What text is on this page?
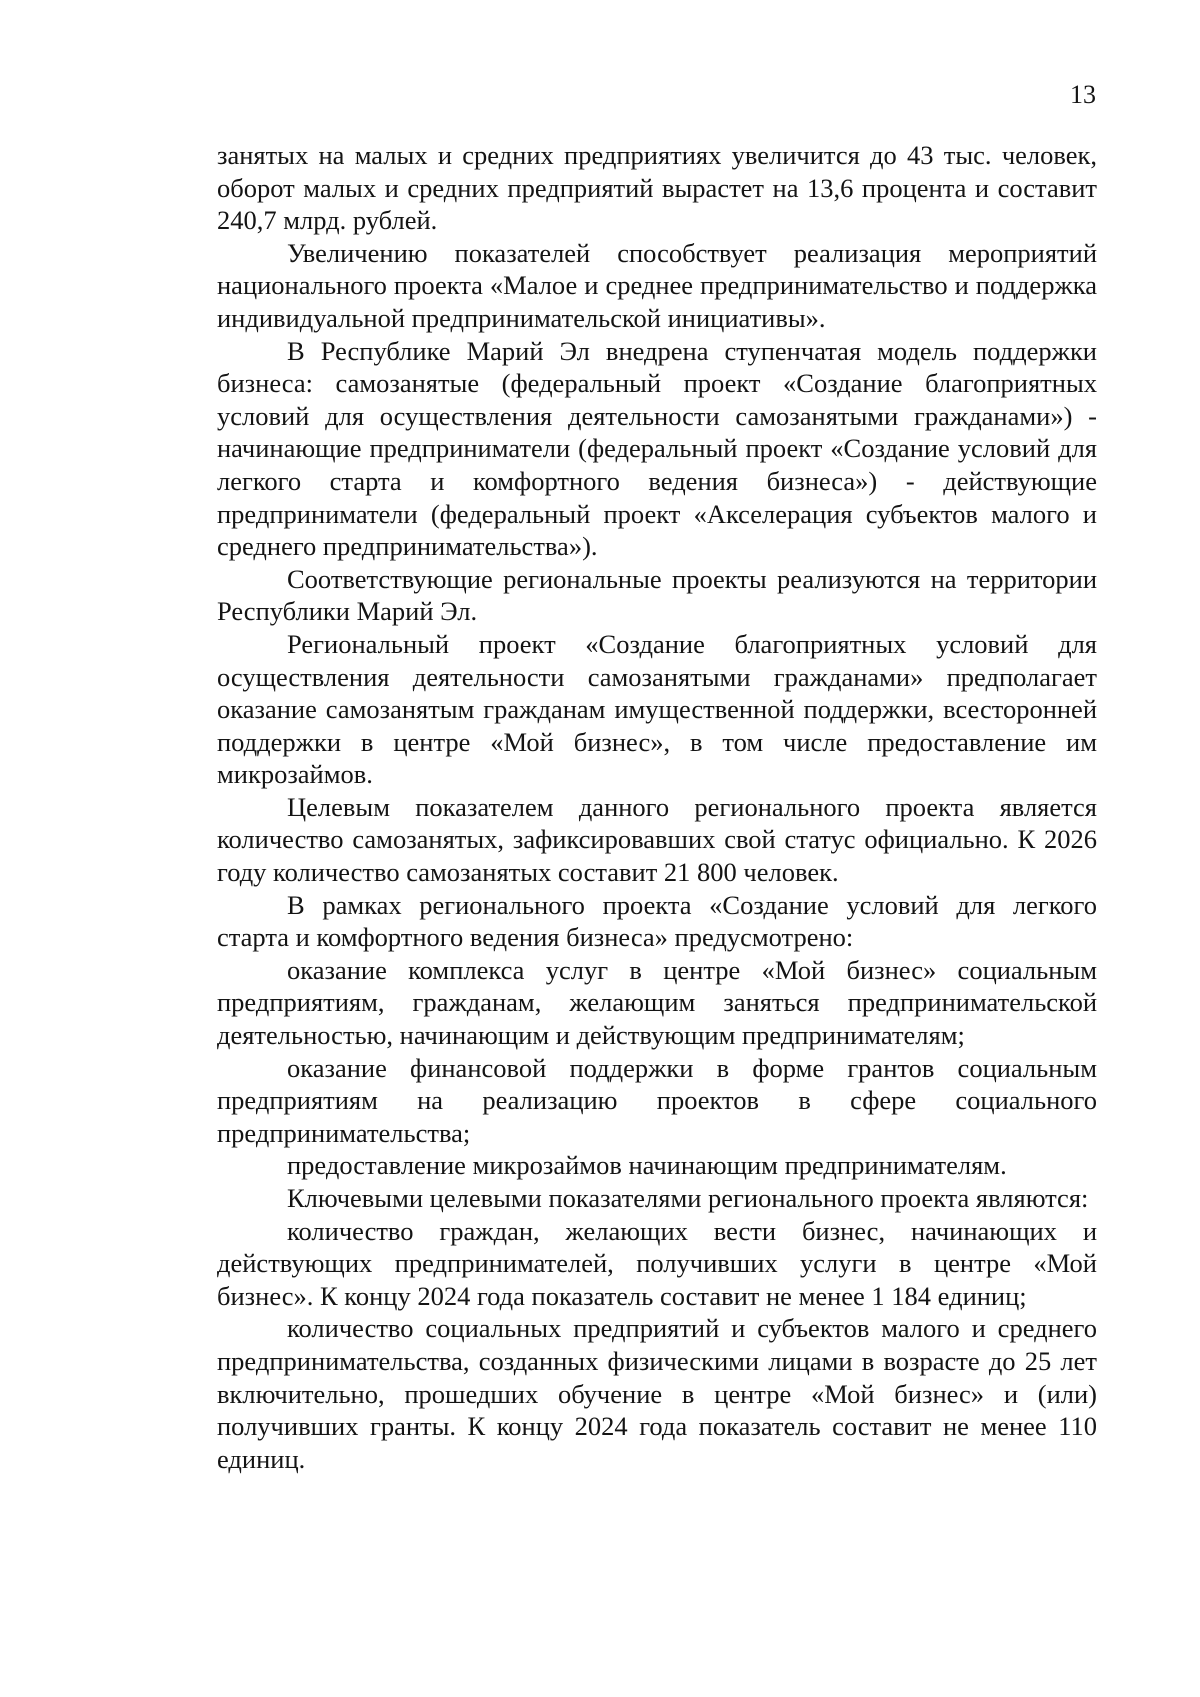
13

занятых на малых и средних предприятиях увеличится до 43 тыс. человек, оборот малых и средних предприятий вырастет на 13,6 процента и составит 240,7 млрд. рублей.

Увеличению показателей способствует реализация мероприятий национального проекта «Малое и среднее предпринимательство и поддержка индивидуальной предпринимательской инициативы».

В Республике Марий Эл внедрена ступенчатая модель поддержки бизнеса: самозанятые (федеральный проект «Создание благоприятных условий для осуществления деятельности самозанятыми гражданами») - начинающие предприниматели (федеральный проект «Создание условий для легкого старта и комфортного ведения бизнеса») - действующие предприниматели (федеральный проект «Акселерация субъектов малого и среднего предпринимательства»).

Соответствующие региональные проекты реализуются на территории Республики Марий Эл.

Региональный проект «Создание благоприятных условий для осуществления деятельности самозанятыми гражданами» предполагает оказание самозанятым гражданам имущественной поддержки, всесторонней поддержки в центре «Мой бизнес», в том числе предоставление им микрозаймов.

Целевым показателем данного регионального проекта является количество самозанятых, зафиксировавших свой статус официально. К 2026 году количество самозанятых составит 21 800 человек.

В рамках регионального проекта «Создание условий для легкого старта и комфортного ведения бизнеса» предусмотрено:

оказание комплекса услуг в центре «Мой бизнес» социальным предприятиям, гражданам, желающим заняться предпринимательской деятельностью, начинающим и действующим предпринимателям;

оказание финансовой поддержки в форме грантов социальным предприятиям на реализацию проектов в сфере социального предпринимательства;

предоставление микрозаймов начинающим предпринимателям.

Ключевыми целевыми показателями регионального проекта являются:

количество граждан, желающих вести бизнес, начинающих и действующих предпринимателей, получивших услуги в центре «Мой бизнес». К концу 2024 года показатель составит не менее 1 184 единиц;

количество социальных предприятий и субъектов малого и среднего предпринимательства, созданных физическими лицами в возрасте до 25 лет включительно, прошедших обучение в центре «Мой бизнес» и (или) получивших гранты. К концу 2024 года показатель составит не менее 110 единиц.
